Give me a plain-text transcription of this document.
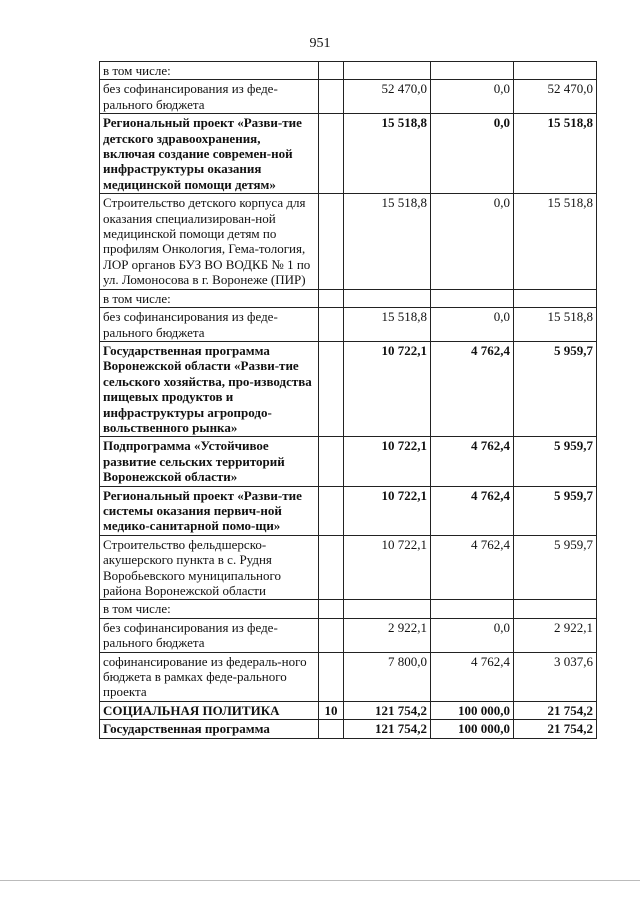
951
в том числе:				
без софинансирования из феде- рального бюджета		52 470,0	0,0	52 470,0
Региональный проект «Разви-тие детского здравоохранения, включая создание современ-ной инфраструктуры оказания медицинской помощи детям»		15 518,8	0,0	15 518,8
Строительство детского корпуса для оказания специализирован-ной медицинской помощи детям по профилям Онкология, Гема-тология, ЛОР органов БУЗ ВО ВОДКБ № 1 по ул. Ломоносова в г. Воронеже (ПИР)		15 518,8	0,0	15 518,8
в том числе:				
без софинансирования из феде-рального бюджета		15 518,8	0,0	15 518,8
Государственная программа Воронежской области «Разви-тие сельского хозяйства, про-изводства пищевых продуктов и инфраструктуры агропродо-вольственного рынка»		10 722,1	4 762,4	5 959,7
Подпрограмма «Устойчивое развитие сельских территорий Воронежской области»		10 722,1	4 762,4	5 959,7
Региональный проект «Разви-тие системы оказания первич-ной медико-санитарной помо-щи»		10 722,1	4 762,4	5 959,7
Строительство фельдшерско-акушерского пункта в с. Рудня Воробьевского муниципального района Воронежской области		10 722,1	4 762,4	5 959,7
в том числе:				
без софинансирования из феде-рального бюджета		2 922,1	0,0	2 922,1
софинансирование из федераль-ного бюджета в рамках феде-рального проекта		7 800,0	4 762,4	3 037,6
СОЦИАЛЬНАЯ ПОЛИТИКА	10	121 754,2	100 000,0	21 754,2
Государственная программа		121 754,2	100 000,0	21 754,2
